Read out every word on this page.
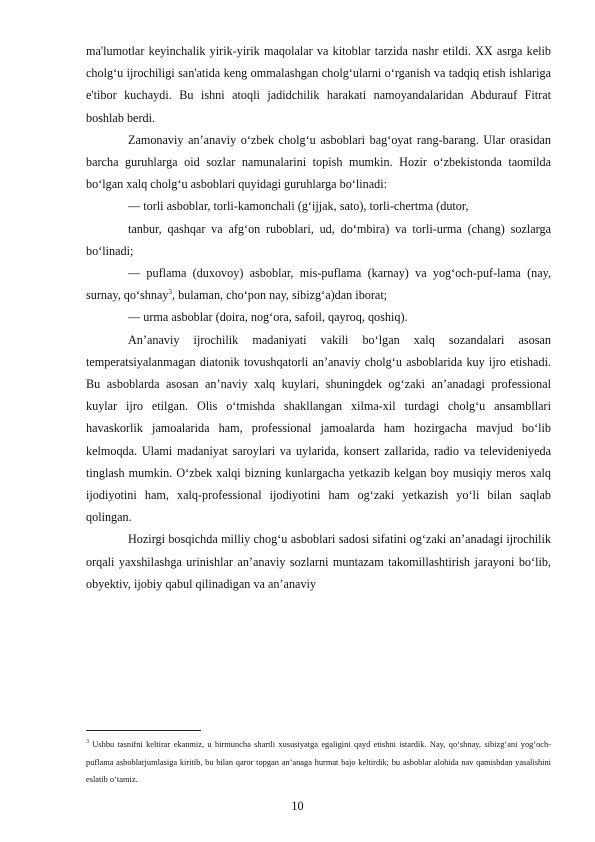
ma'lumotlar keyinchalik yirik-yirik maqolalar va kitoblar tarzida nashr etildi. XX asrga kelib cholg‘u ijrochiligi san'atida keng ommalashgan cholg‘ularni o‘rganish va tadqiq etish ishlariga e'tibor kuchaydi. Bu ishni atoqli jadidchilik harakati namoyandalaridan Abdurauf Fitrat boshlab berdi.

Zamonaviy an’anaviy o‘zbek cholg‘u asboblari bag‘oyat rang-barang. Ular orasidan barcha guruhlarga oid sozlar namunalarini topish mumkin. Hozir o‘zbekistonda taomilda bo‘lgan xalq cholg‘u asboblari quyidagi guruhlarga bo‘linadi:

— torli asboblar, torli-kamonchali (g‘ijjak, sato), torli-chertma (dutor,

tanbur, qashqar va afg‘on ruboblari, ud, do‘mbira) va torli-urma (chang) sozlarga bo‘linadi;

— puflama (duxovoy) asboblar, mis-puflama (karnay) va yog‘och-puf-lama (nay, surnay, qo‘shnay$^3$, bulaman, cho‘pon nay, sibizg‘a)dan iborat;

— urma asboblar (doira, nog‘ora, safoil, qayroq, qoshiq).

An’anaviy ijrochilik madaniyati vakili bo‘lgan xalq sozandalari asosan temperatsiyalanmagan diatonik tovushqatorli an’anaviy cholg‘u asboblarida kuy ijro etishadi. Bu asboblarda asosan an’naviy xalq kuylari, shuningdek og‘zaki an’anadagi professional kuylar ijro etilgan. Olis o‘tmishda shakllangan xilma-xil turdagi cholg‘u ansambllari havaskorlik jamoalarida ham, professional jamoalarda ham hozirgacha mavjud bo‘lib kelmoqda. Ulami madaniyat saroylari va uylarida, konsert zallarida, radio va televideniyeda tinglash mumkin. O‘zbek xalqi bizning kunlargacha yetkazib kelgan boy musiqiy meros xalq ijodiyotini ham, xalq-professional ijodiyotini ham og‘zaki yetkazish yo‘li bilan saqlab qolingan.

Hozirgi bosqichda milliy chog‘u asboblari sadosi sifatini og‘zaki an’anadagi ijrochilik orqali yaxshilashga urinishlar an’anaviy sozlarni muntazam takomillashtirish jarayoni bo‘lib, obyektiv, ijobiy qabul qilinadigan va an’anaviy

$^3$ Ushbu tasnifni keltirar ekanmiz, u birmuncha shartli xususiyatga egaligini qayd etishni istardik. Nay, qo‘shnay, sibizg‘ani yog‘och-puflama asboblarjumlasiga kiritib, bu bilan qaror topgan an’anaga hurmat bajo keltirdik; bu asboblar alohida nav qamishdan yasalishini eslatib o‘tamiz.
10
